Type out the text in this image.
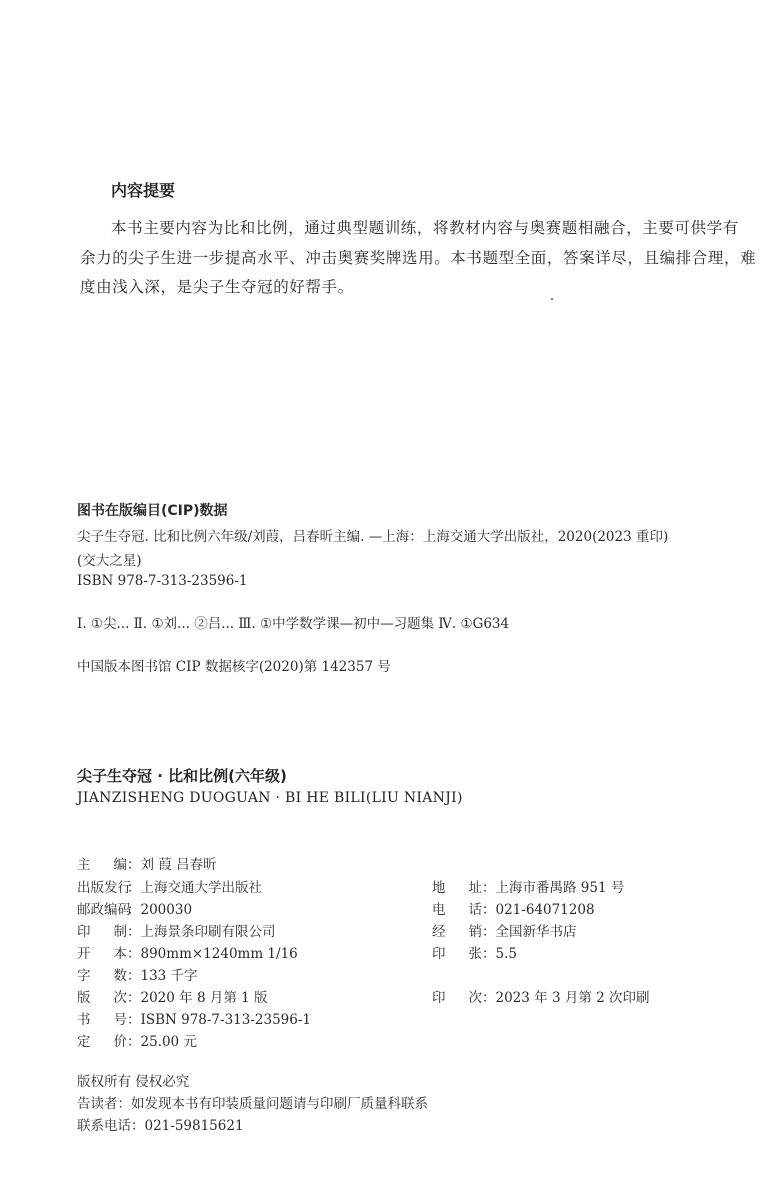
内容提要
本书主要内容为比和比例，通过典型题训练，将教材内容与奥赛题相融合，主要可供学有
余力的尖子生进一步提高水平、冲击奥赛奖牌选用。本书题型全面，答案详尽，且编排合理，难
度由浅入深，是尖子生夺冠的好帮手。
图书在版编目(CIP)数据
尖子生夺冠. 比和比例六年级/刘葭，吕春昕主编. —上海：上海交通大学出版社，2020(2023 重印)
(交大之星)
ISBN 978-7-313-23596-1
Ⅰ. ①尖... Ⅱ. ①刘... ②吕... Ⅲ. ①中学数学课—初中—习题集 Ⅳ. ①G634
中国版本图书馆 CIP 数据核字(2020)第 142357 号
尖子生夺冠 · 比和比例(六年级)
JIANZISHENG DUOGUAN · BI HE BILI(LIU NIANJI)
主编：刘 葭 吕春昕
出版发行：上海交通大学出版社
邮政编码：200030
印制：上海景条印刷有限公司
开本：890mm×1240mm 1/16
字数：133 千字
版次：2020 年 8 月第 1 版
书号：ISBN 978-7-313-23596-1
定价：25.00 元
地址：上海市番禺路 951 号
电话：021-64071208
经销：全国新华书店
印张：5.5
印次：2023 年 3 月第 2 次印刷
版权所有 侵权必究
告读者：如发现本书有印装质量问题请与印刷厂质量科联系
联系电话：021-59815621
